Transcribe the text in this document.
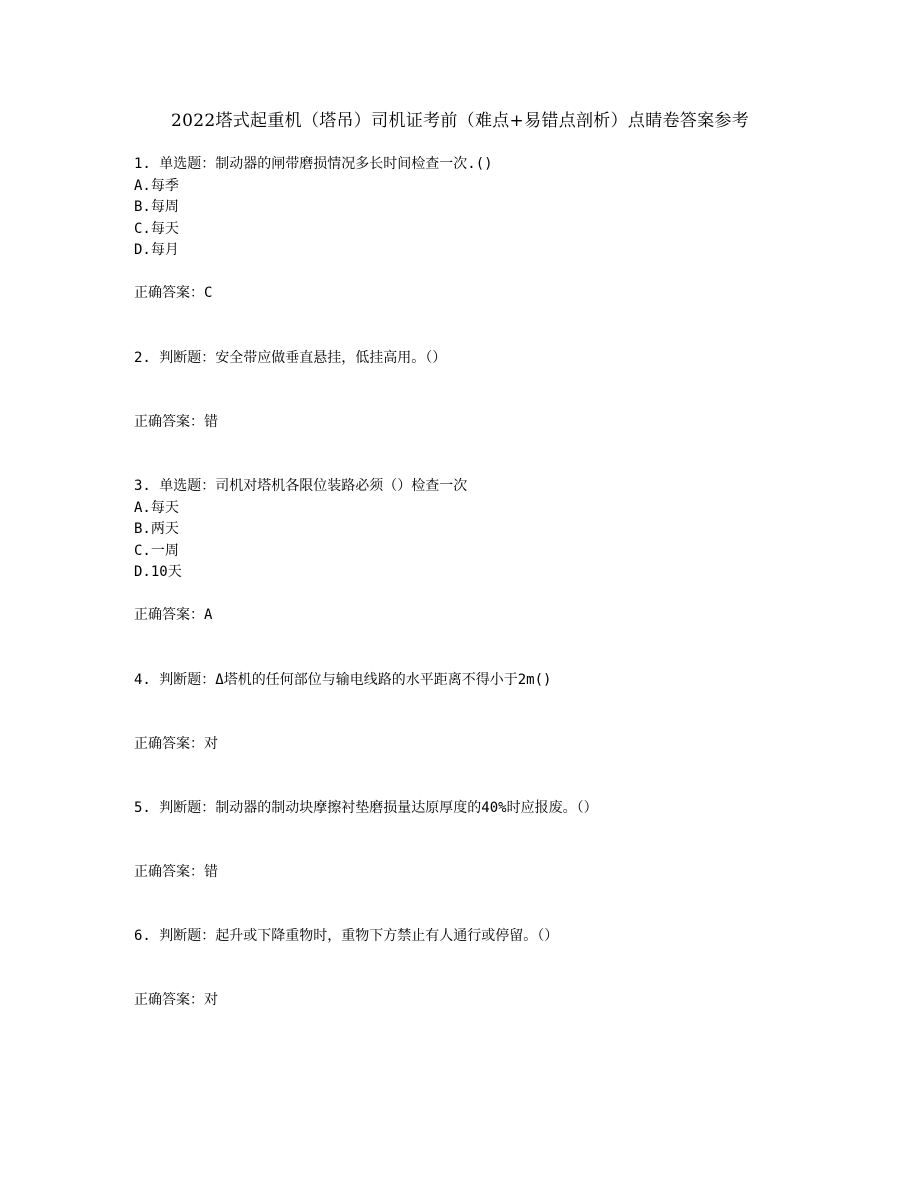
2022塔式起重机（塔吊）司机证考前（难点+易错点剖析）点睛卷答案参考
1. 单选题：制动器的闸带磨损情况多长时间检查一次.()
A.每季
B.每周
C.每天
D.每月
正确答案：C
2. 判断题：安全带应做垂直悬挂，低挂高用。（）
正确答案：错
3. 单选题：司机对塔机各限位装路必须（）检查一次
A.每天
B.两天
C.一周
D.10天
正确答案：A
4. 判断题：Δ塔机的任何部位与输电线路的水平距离不得小于2m()
正确答案：对
5. 判断题：制动器的制动块摩擦衬垫磨损量达原厚度的40%时应报废。（）
正确答案：错
6. 判断题：起升或下降重物时，重物下方禁止有人通行或停留。（）
正确答案：对
